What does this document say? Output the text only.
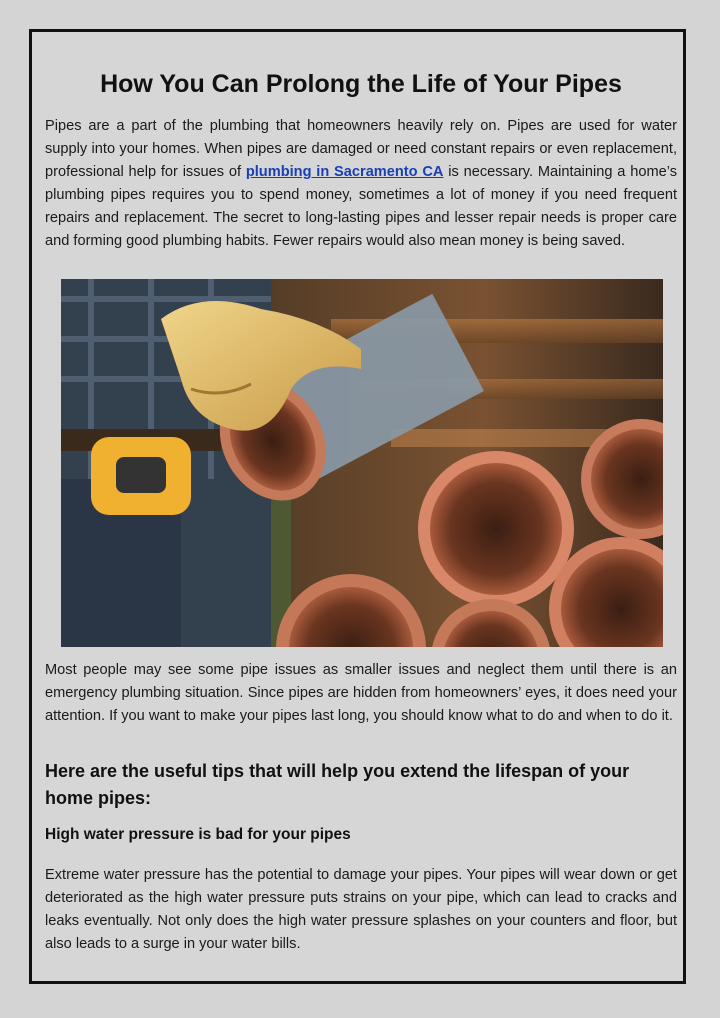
How You Can Prolong the Life of Your Pipes

Pipes are a part of the plumbing that homeowners heavily rely on. Pipes are used for water supply into your homes. When pipes are damaged or need constant repairs or even replacement, professional help for issues of plumbing in Sacramento CA is necessary. Maintaining a home’s plumbing pipes requires you to spend money, sometimes a lot of money if you need frequent repairs and replacement. The secret to long-lasting pipes and lesser repair needs is proper care and forming good plumbing habits. Fewer repairs would also mean money is being saved.

Most people may see some pipe issues as smaller issues and neglect them until there is an emergency plumbing situation. Since pipes are hidden from homeowners’ eyes, it does need your attention. If you want to make your pipes last long, you should know what to do and when to do it.

Here are the useful tips that will help you extend the lifespan of your home pipes:
High water pressure is bad for your pipes

Extreme water pressure has the potential to damage your pipes. Your pipes will wear down or get deteriorated as the high water pressure puts strains on your pipe, which can lead to cracks and leaks eventually. Not only does the high water pressure splashes on your counters and floor, but also leads to a surge in your water bills.
